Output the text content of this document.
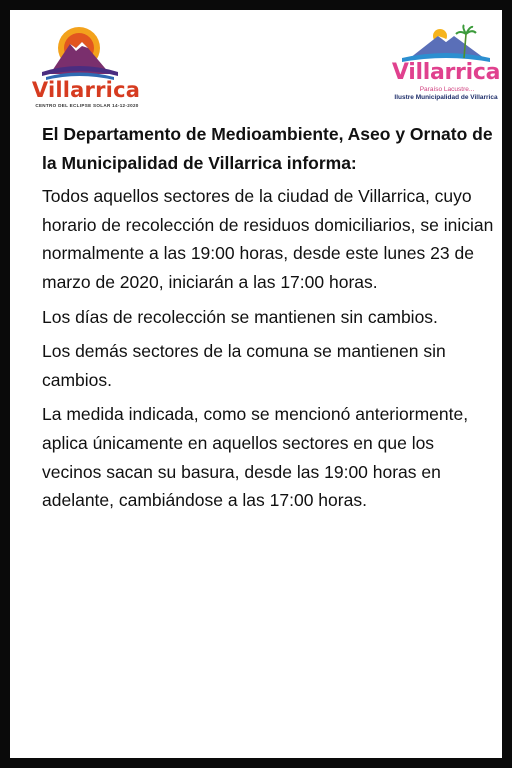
Villarrica
CENTRO DEL ECLIPSE SOLAR 14-12-2020
Villarrica
Paraíso Lacustre...
Ilustre Municipalidad de Villarrica

El Departamento de Medioambiente, Aseo y Ornato de la Municipalidad de Villarrica informa:

Todos aquellos sectores de la ciudad de Villarrica, cuyo horario de recolección de residuos domiciliarios, se inician normalmente a las 19:00 horas, desde este lunes 23 de marzo de 2020, iniciarán a las 17:00 horas.

Los días de recolección se mantienen sin cambios.

Los demás sectores de la comuna se mantienen sin cambios.

La medida indicada, como se mencionó anteriormente, aplica únicamente en aquellos sectores en que los vecinos sacan su basura, desde las 19:00 horas en adelante, cambiándose a las 17:00 horas.
